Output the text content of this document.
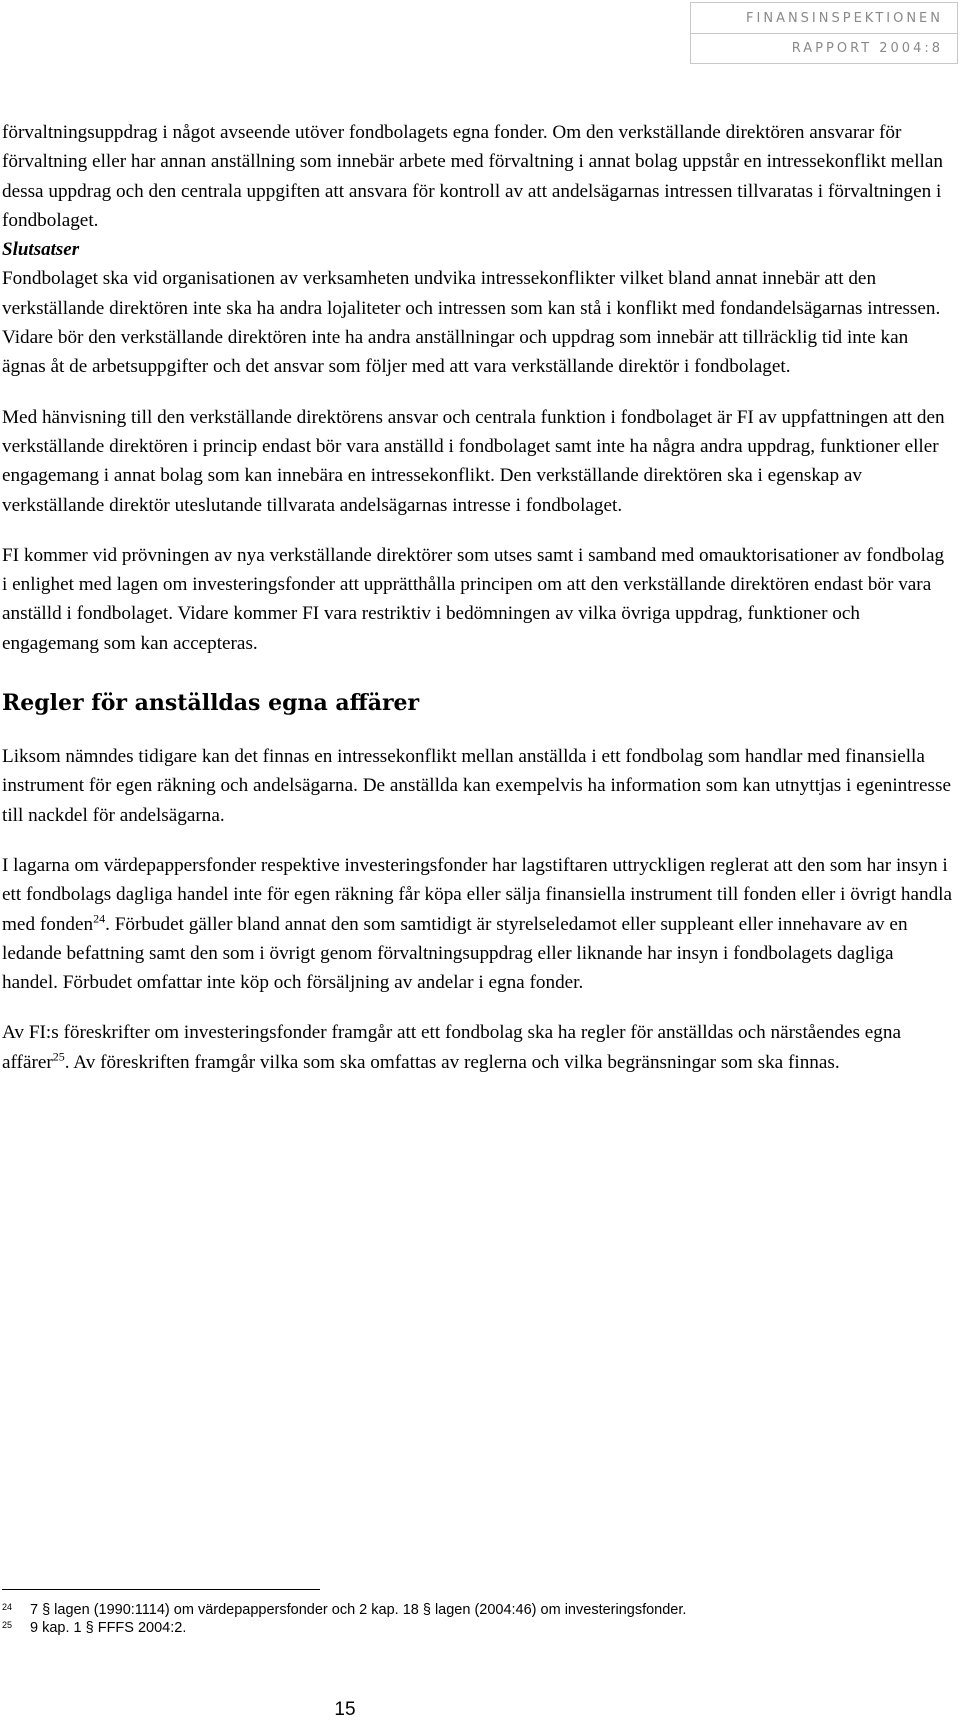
FINANSINSPEKTIONEN
RAPPORT 2004:8

förvaltningsuppdrag i något avseende utöver fondbolagets egna fonder. Om den verkställande direktören ansvarar för förvaltning eller har annan anställning som innebär arbete med förvaltning i annat bolag uppstår en intressekonflikt mellan dessa uppdrag och den centrala uppgiften att ansvara för kontroll av att andelsägarnas intressen tillvaratas i förvaltningen i fondbolaget.

Slutsatser

Fondbolaget ska vid organisationen av verksamheten undvika intressekonflikter vilket bland annat innebär att den verkställande direktören inte ska ha andra lojaliteter och intressen som kan stå i konflikt med fondandelsägarnas intressen. Vidare bör den verkställande direktören inte ha andra anställningar och uppdrag som innebär att tillräcklig tid inte kan ägnas åt de arbetsuppgifter och det ansvar som följer med att vara verkställande direktör i fondbolaget.

Med hänvisning till den verkställande direktörens ansvar och centrala funktion i fondbolaget är FI av uppfattningen att den verkställande direktören i princip endast bör vara anställd i fondbolaget samt inte ha några andra uppdrag, funktioner eller engagemang i annat bolag som kan innebära en intressekonflikt. Den verkställande direktören ska i egenskap av verkställande direktör uteslutande tillvarata andelsägarnas intresse i fondbolaget.

FI kommer vid prövningen av nya verkställande direktörer som utses samt i samband med omauktorisationer av fondbolag i enlighet med lagen om investeringsfonder att upprätthålla principen om att den verkställande direktören endast bör vara anställd i fondbolaget. Vidare kommer FI vara restriktiv i bedömningen av vilka övriga uppdrag, funktioner och engagemang som kan accepteras.

Regler för anställdas egna affärer

Liksom nämndes tidigare kan det finnas en intressekonflikt mellan anställda i ett fondbolag som handlar med finansiella instrument för egen räkning och andelsägarna. De anställda kan exempelvis ha information som kan utnyttjas i egenintresse till nackdel för andelsägarna.

I lagarna om värdepappersfonder respektive investeringsfonder har lagstiftaren uttryckligen reglerat att den som har insyn i ett fondbolags dagliga handel inte för egen räkning får köpa eller sälja finansiella instrument till fonden eller i övrigt handla med fonden$^{24}$. Förbudet gäller bland annat den som samtidigt är styrelseledamot eller suppleant eller innehavare av en ledande befattning samt den som i övrigt genom förvaltningsuppdrag eller liknande har insyn i fondbolagets dagliga handel. Förbudet omfattar inte köp och försäljning av andelar i egna fonder.

Av FI:s föreskrifter om investeringsfonder framgår att ett fondbolag ska ha regler för anställdas och närståendes egna affärer$^{25}$. Av föreskriften framgår vilka som ska omfattas av reglerna och vilka begränsningar som ska finnas.

24 7 § lagen (1990:1114) om värdepappersfonder och 2 kap. 18 § lagen (2004:46) om investeringsfonder.

25 9 kap. 1 § FFFS 2004:2.

15
